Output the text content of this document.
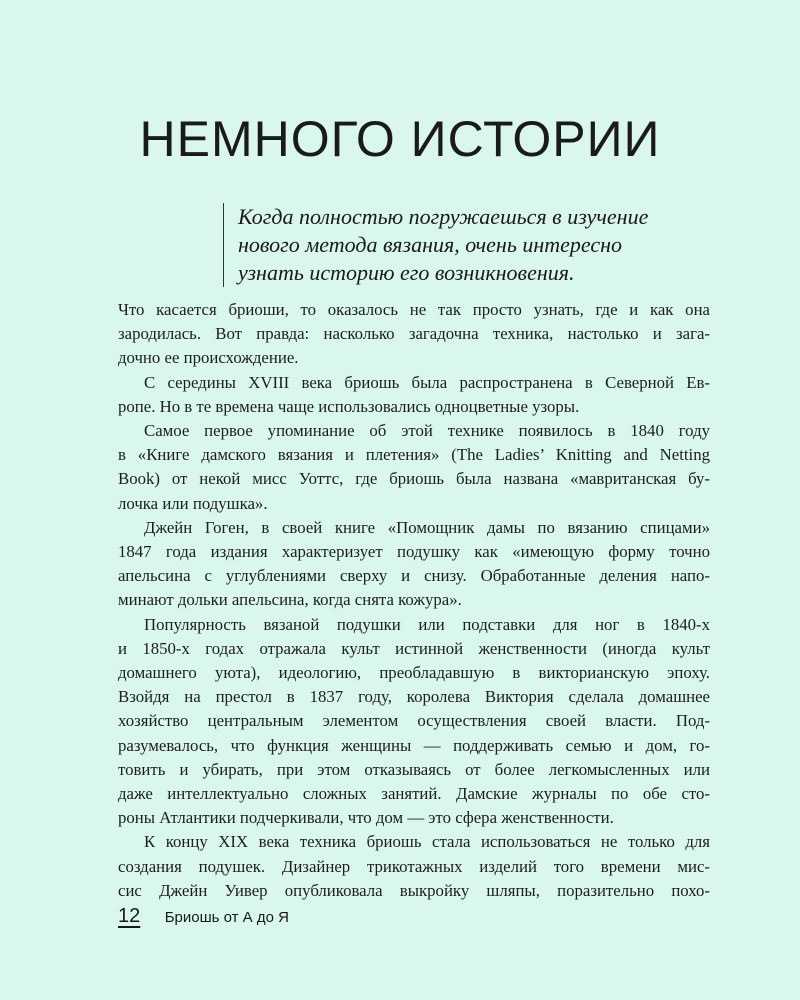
НЕМНОГО ИСТОРИИ
Когда полностью погружаешься в изучение
нового метода вязания, очень интересно
узнать историю его возникновения.
Что касается бриоши, то оказалось не так просто узнать, где и как она
зародилась. Вот правда: насколько загадочна техника, настолько и зага-
дочно ее происхождение.
С середины XVIII века бриошь была распространена в Северной Ев-
ропе. Но в те времена чаще использовались одноцветные узоры.
Самое первое упоминание об этой технике появилось в 1840 году
в «Книге дамского вязания и плетения» (The Ladies’ Knitting and Netting
Book) от некой мисс Уоттс, где бриошь была названа «мавританская бу-
лочка или подушка».
Джейн Гоген, в своей книге «Помощник дамы по вязанию спицами»
1847 года издания характеризует подушку как «имеющую форму точно
апельсина с углублениями сверху и снизу. Обработанные деления напо-
минают дольки апельсина, когда снята кожура».
Популярность вязаной подушки или подставки для ног в 1840-х
и 1850-х годах отражала культ истинной женственности (иногда культ
домашнего уюта), идеологию, преобладавшую в викторианскую эпоху.
Взойдя на престол в 1837 году, королева Виктория сделала домашнее
хозяйство центральным элементом осуществления своей власти. Под-
разумевалось, что функция женщины — поддерживать семью и дом, го-
товить и убирать, при этом отказываясь от более легкомысленных или
даже интеллектуально сложных занятий. Дамские журналы по обе сто-
роны Атлантики подчеркивали, что дом — это сфера женственности.
К концу XIX века техника бриошь стала использоваться не только для
создания подушек. Дизайнер трикотажных изделий того времени мис-
сис Джейн Уивер опубликовала выкройку шляпы, поразительно похо-
12 Бриошь от А до Я
